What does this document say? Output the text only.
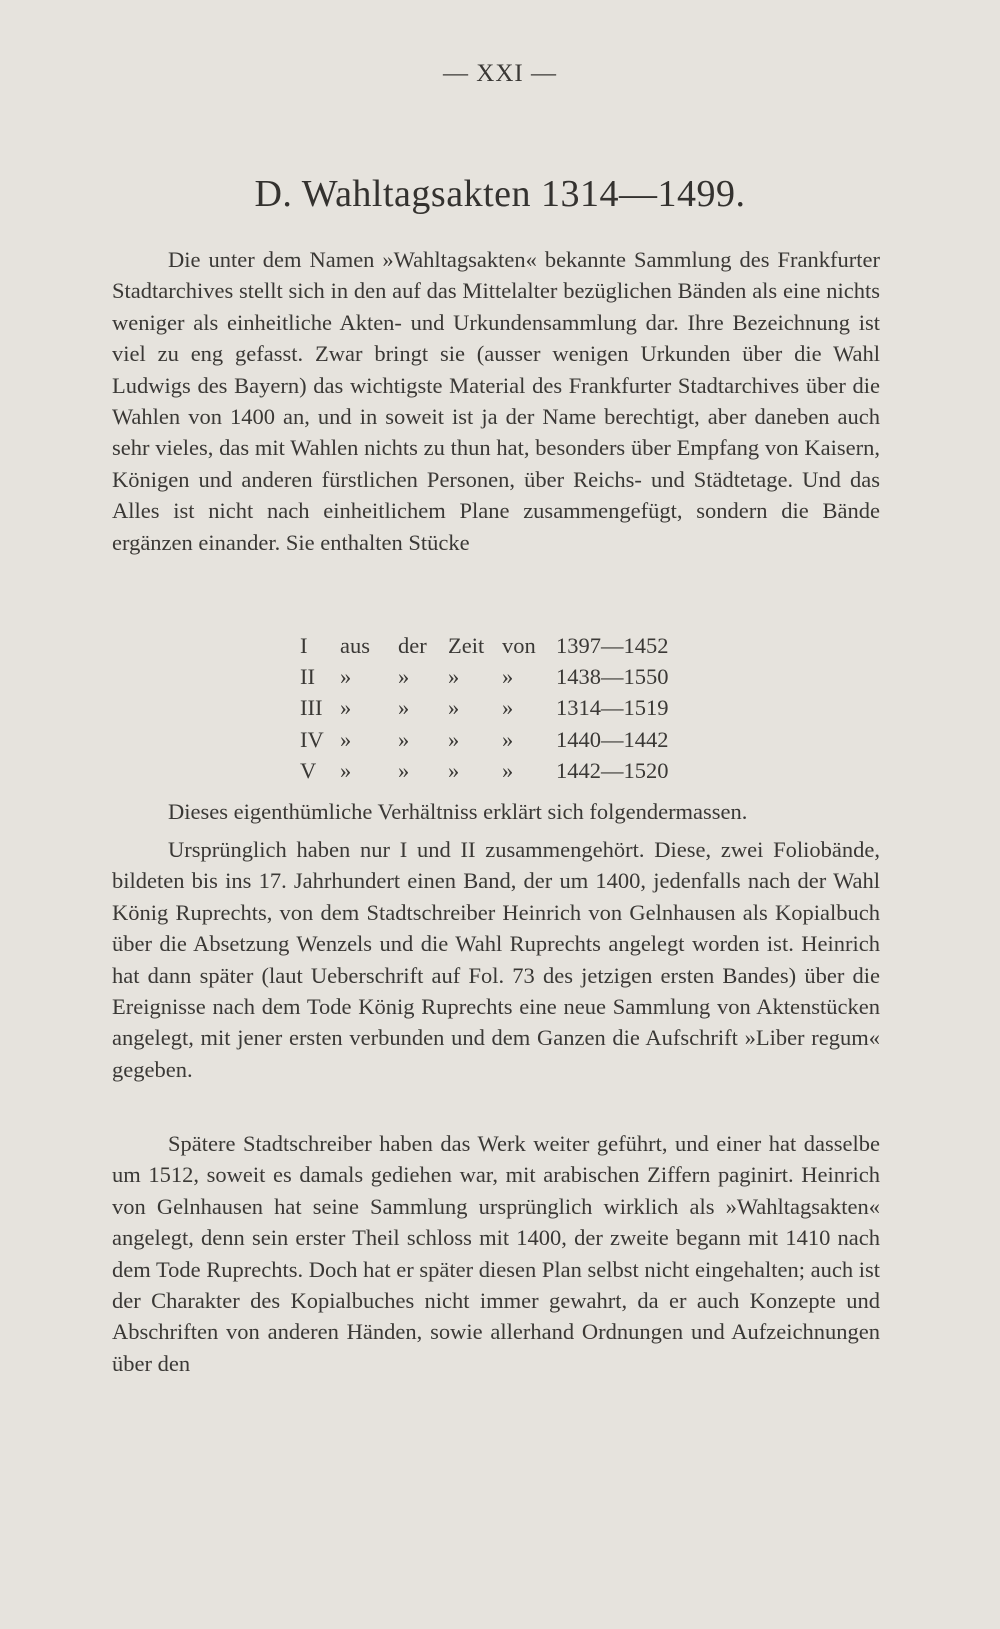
— XXI —
D. Wahltagsakten 1314—1499.

Die unter dem Namen »Wahltagsakten« bekannte Sammlung des Frankfurter Stadtarchives stellt sich in den auf das Mittelalter bezüglichen Bänden als eine nichts weniger als einheitliche Akten- und Urkundensammlung dar. Ihre Bezeichnung ist viel zu eng gefasst. Zwar bringt sie (ausser wenigen Urkunden über die Wahl Ludwigs des Bayern) das wichtigste Material des Frankfurter Stadtarchives über die Wahlen von 1400 an, und in soweit ist ja der Name berechtigt, aber daneben auch sehr vieles, das mit Wahlen nichts zu thun hat, besonders über Empfang von Kaisern, Königen und anderen fürstlichen Personen, über Reichs- und Städtetage. Und das Alles ist nicht nach einheitlichem Plane zusammengefügt, sondern die Bände ergänzen einander. Sie enthalten Stücke

I	aus	der	Zeit	von	1397—1452
II	»	»	»	»	1438—1550
III	»	»	»	»	1314—1519
IV	»	»	»	»	1440—1442
V	»	»	»	»	1442—1520

Dieses eigenthümliche Verhältniss erklärt sich folgendermassen.

Ursprünglich haben nur I und II zusammengehört. Diese, zwei Foliobände, bildeten bis ins 17. Jahrhundert einen Band, der um 1400, jedenfalls nach der Wahl König Ruprechts, von dem Stadtschreiber Heinrich von Gelnhausen als Kopialbuch über die Absetzung Wenzels und die Wahl Ruprechts angelegt worden ist. Heinrich hat dann später (laut Ueberschrift auf Fol. 73 des jetzigen ersten Bandes) über die Ereignisse nach dem Tode König Ruprechts eine neue Sammlung von Aktenstücken angelegt, mit jener ersten verbunden und dem Ganzen die Aufschrift »Liber regum« gegeben.

Spätere Stadtschreiber haben das Werk weiter geführt, und einer hat dasselbe um 1512, soweit es damals gediehen war, mit arabischen Ziffern paginirt. Heinrich von Gelnhausen hat seine Sammlung ursprünglich wirklich als »Wahltagsakten« angelegt, denn sein erster Theil schloss mit 1400, der zweite begann mit 1410 nach dem Tode Ruprechts. Doch hat er später diesen Plan selbst nicht eingehalten; auch ist der Charakter des Kopialbuches nicht immer gewahrt, da er auch Konzepte und Abschriften von anderen Händen, sowie allerhand Ordnungen und Aufzeichnungen über den
